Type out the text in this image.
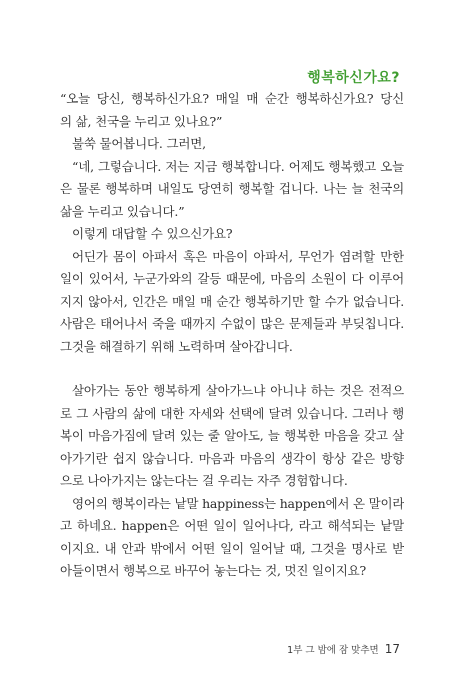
행복하신가요?
“오늘 당신, 행복하신가요? 매일 매 순간 행복하신가요? 당신
의 삶, 천국을 누리고 있나요?”
불쑥 물어봅니다. 그러면,
“네, 그렇습니다. 저는 지금 행복합니다. 어제도 행복했고 오늘
은 물론 행복하며 내일도 당연히 행복할 겁니다. 나는 늘 천국의
삶을 누리고 있습니다.”
이렇게 대답할 수 있으신가요?
어딘가 몸이 아파서 혹은 마음이 아파서, 무언가 염려할 만한
일이 있어서, 누군가와의 갈등 때문에, 마음의 소원이 다 이루어
지지 않아서, 인간은 매일 매 순간 행복하기만 할 수가 없습니다.
사람은 태어나서 죽을 때까지 수없이 많은 문제들과 부딪칩니다.
그것을 해결하기 위해 노력하며 살아갑니다.
살아가는 동안 행복하게 살아가느냐 아니냐 하는 것은 전적으
로 그 사람의 삶에 대한 자세와 선택에 달려 있습니다. 그러나 행
복이 마음가짐에 달려 있는 줄 알아도, 늘 행복한 마음을 갖고 살
아가기란 쉽지 않습니다. 마음과 마음의 생각이 항상 같은 방향
으로 나아가지는 않는다는 걸 우리는 자주 경험합니다.
영어의 행복이라는 낱말 happiness는 happen에서 온 말이라
고 하네요. happen은 어떤 일이 일어나다, 라고 해석되는 낱말
이지요. 내 안과 밖에서 어떤 일이 일어날 때, 그것을 명사로 받
아들이면서 행복으로 바꾸어 놓는다는 것, 멋진 일이지요?
1부 그 밤에 잠 맞추면 17
